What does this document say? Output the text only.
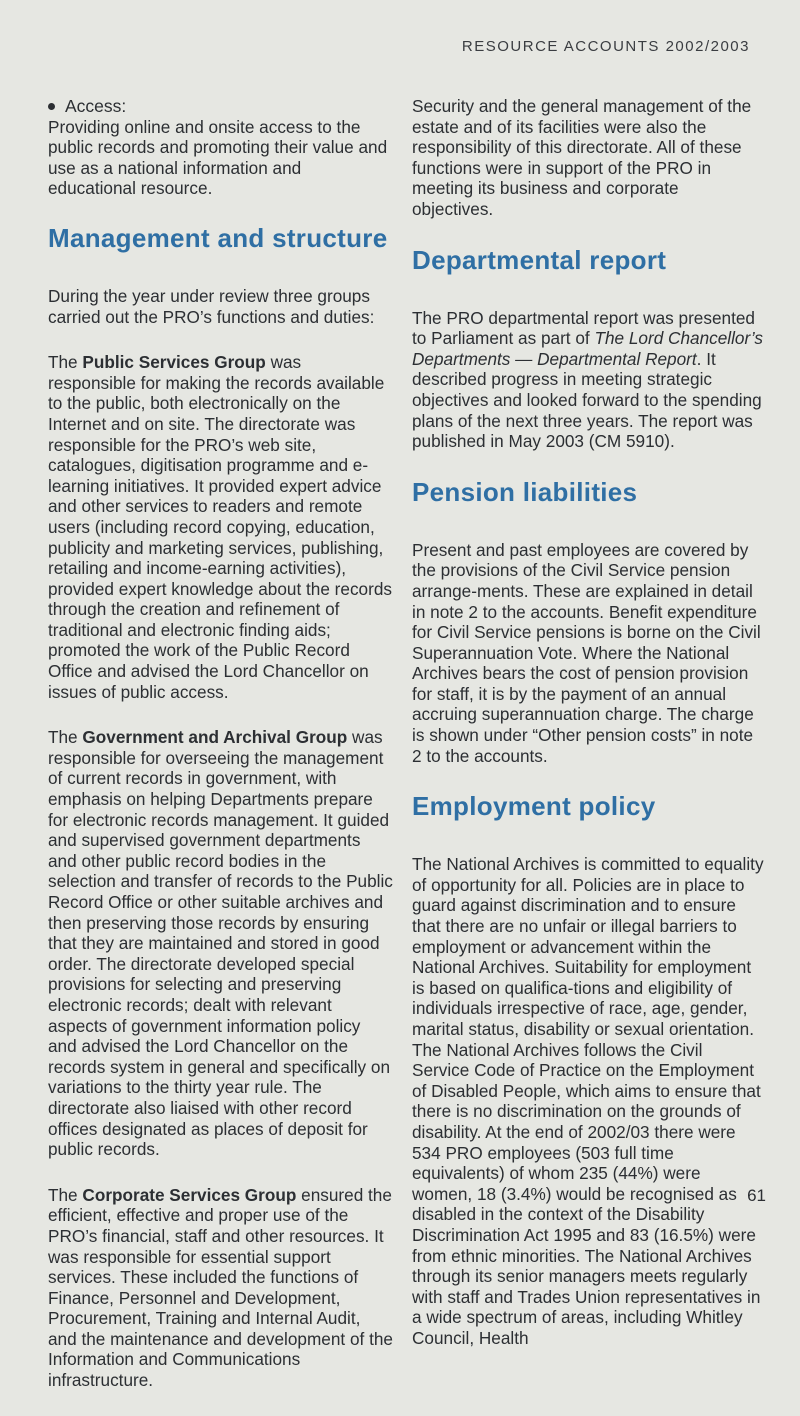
RESOURCE ACCOUNTS 2002/2003
Access:

Providing online and onsite access to the public records and promoting their value and use as a national information and educational resource.

Management and structure

During the year under review three groups carried out the PRO’s functions and duties:

The Public Services Group was responsible for making the records available to the public, both electronically on the Internet and on site. The directorate was responsible for the PRO’s web site, catalogues, digitisation programme and e-learning initiatives. It provided expert advice and other services to readers and remote users (including record copying, education, publicity and marketing services, publishing, retailing and income-earning activities), provided expert knowledge about the records through the creation and refinement of traditional and electronic finding aids; promoted the work of the Public Record Office and advised the Lord Chancellor on issues of public access.

The Government and Archival Group was responsible for overseeing the management of current records in government, with emphasis on helping Departments prepare for electronic records management. It guided and supervised government departments and other public record bodies in the selection and transfer of records to the Public Record Office or other suitable archives and then preserving those records by ensuring that they are maintained and stored in good order. The directorate developed special provisions for selecting and preserving electronic records; dealt with relevant aspects of government information policy and advised the Lord Chancellor on the records system in general and specifically on variations to the thirty year rule. The directorate also liaised with other record offices designated as places of deposit for public records.

The Corporate Services Group ensured the efficient, effective and proper use of the PRO’s financial, staff and other resources. It was responsible for essential support services. These included the functions of Finance, Personnel and Development, Procurement, Training and Internal Audit, and the maintenance and development of the Information and Communications infrastructure.

Security and the general management of the estate and of its facilities were also the responsibility of this directorate. All of these functions were in support of the PRO in meeting its business and corporate objectives.

Departmental report

The PRO departmental report was presented to Parliament as part of The Lord Chancellor’s Departments — Departmental Report. It described progress in meeting strategic objectives and looked forward to the spending plans of the next three years. The report was published in May 2003 (CM 5910).

Pension liabilities

Present and past employees are covered by the provisions of the Civil Service pension arrange-ments. These are explained in detail in note 2 to the accounts. Benefit expenditure for Civil Service pensions is borne on the Civil Superannuation Vote. Where the National Archives bears the cost of pension provision for staff, it is by the payment of an annual accruing superannuation charge. The charge is shown under “Other pension costs” in note 2 to the accounts.

Employment policy

The National Archives is committed to equality of opportunity for all. Policies are in place to guard against discrimination and to ensure that there are no unfair or illegal barriers to employment or advancement within the National Archives. Suitability for employment is based on qualifica-tions and eligibility of individuals irrespective of race, age, gender, marital status, disability or sexual orientation. The National Archives follows the Civil Service Code of Practice on the Employment of Disabled People, which aims to ensure that there is no discrimination on the grounds of disability. At the end of 2002/03 there were 534 PRO employees (503 full time equivalents) of whom 235 (44%) were women, 18 (3.4%) would be recognised as disabled in the context of the Disability Discrimination Act 1995 and 83 (16.5%) were from ethnic minorities. The National Archives through its senior managers meets regularly with staff and Trades Union representatives in a wide spectrum of areas, including Whitley Council, Health

61
